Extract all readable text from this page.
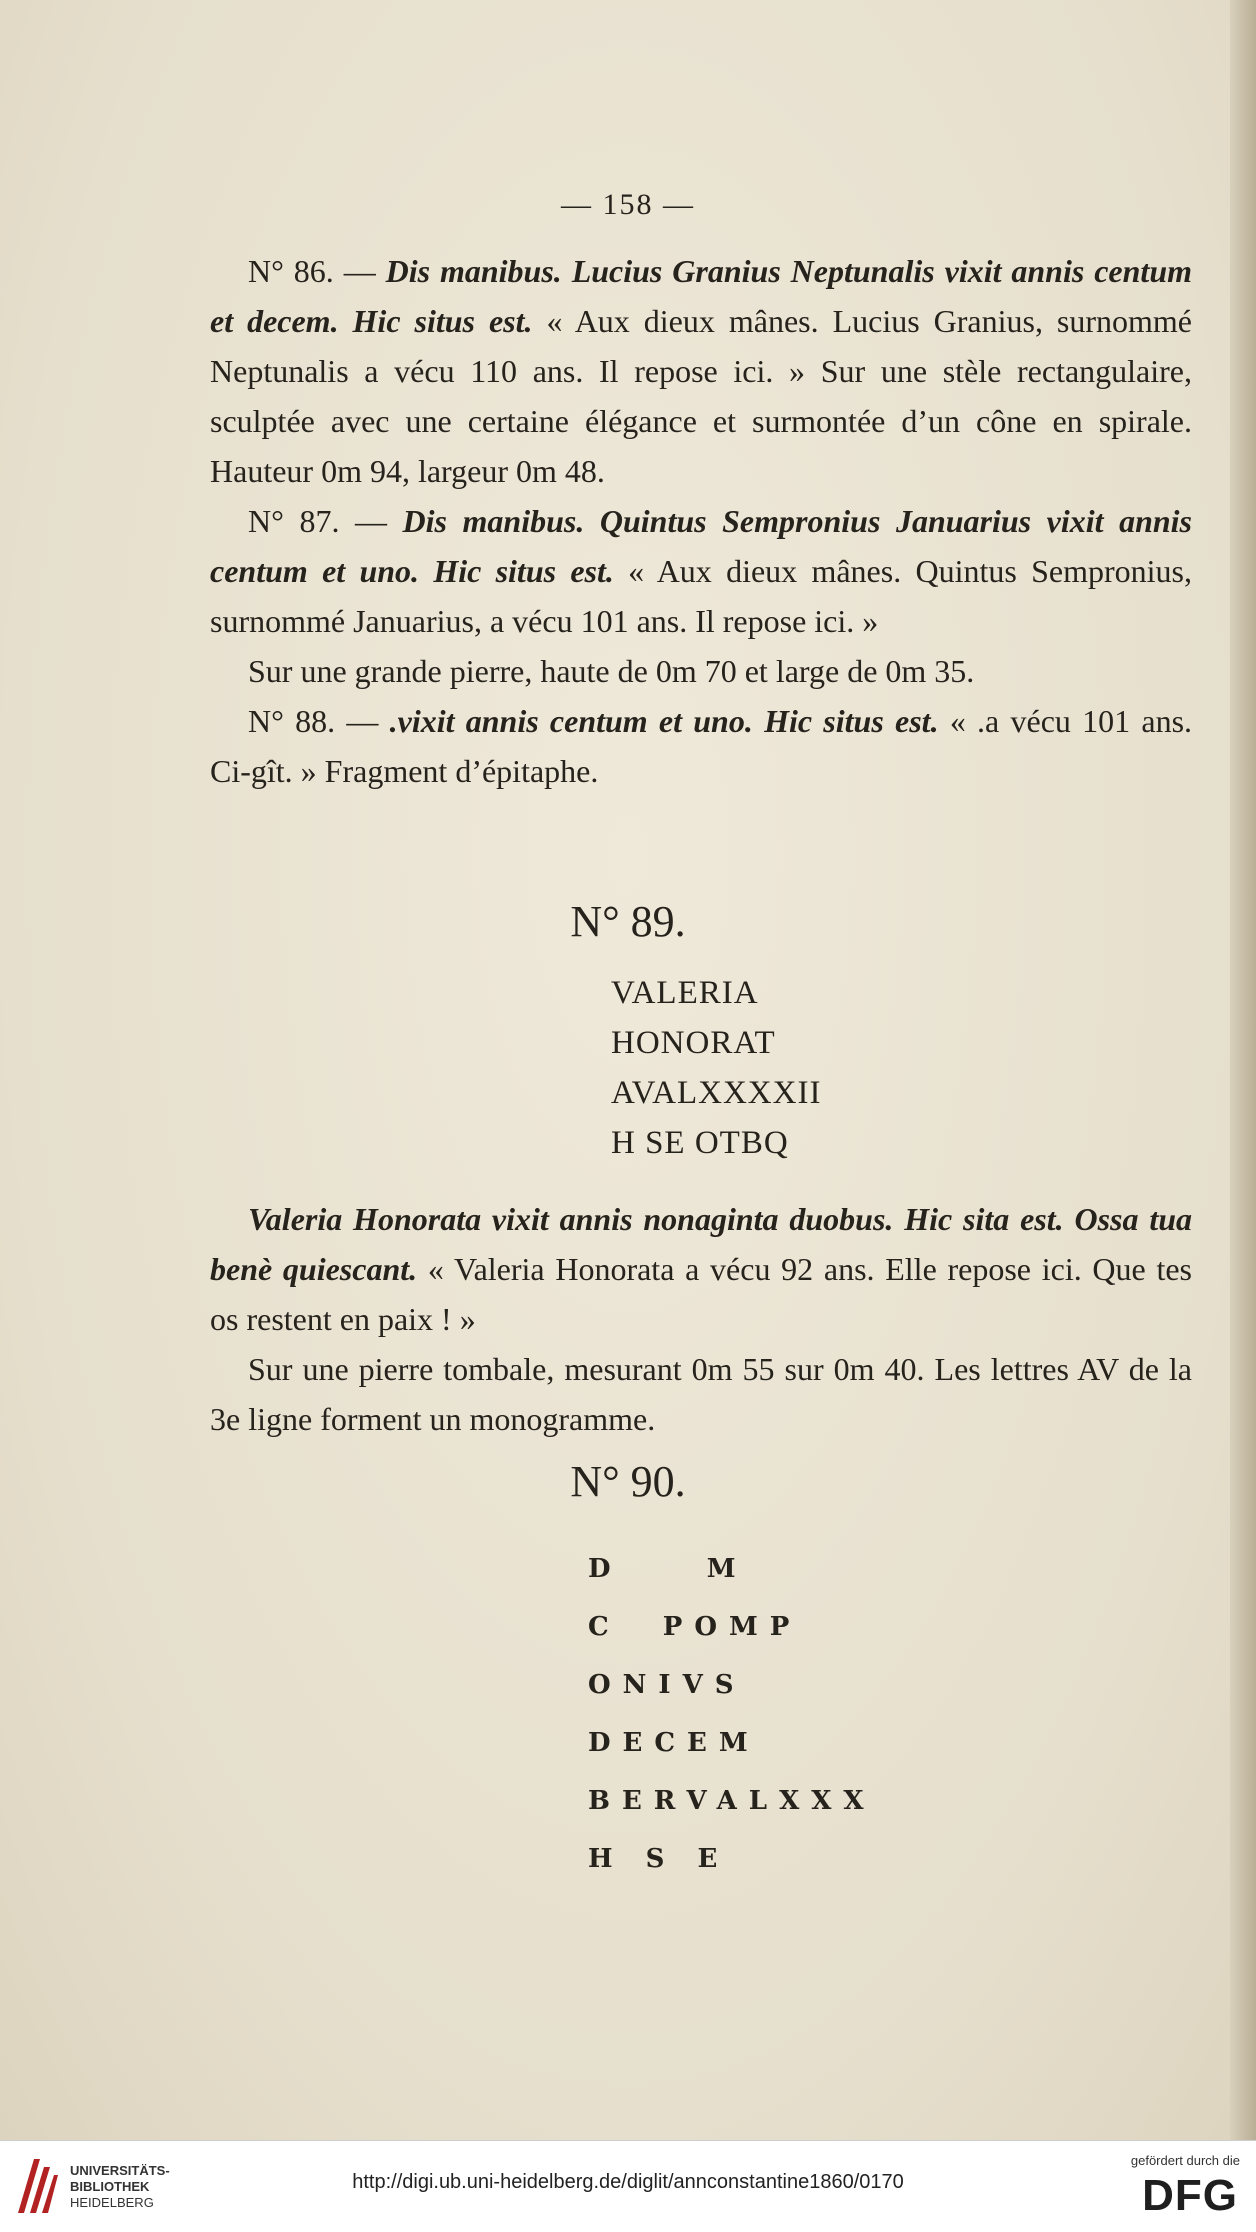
— 158 —

N° 86. — Dis manibus. Lucius Granius Neptunalis vixit annis centum et decem. Hic situs est. « Aux dieux mânes. Lucius Granius, surnommé Neptunalis a vécu 110 ans. Il repose ici. » Sur une stèle rectangulaire, sculptée avec une certaine élégance et surmontée d’un cône en spirale. Hauteur 0m 94, largeur 0m 48.

N° 87. — Dis manibus. Quintus Sempronius Januarius vixit annis centum et uno. Hic situs est. « Aux dieux mânes. Quintus Sempronius, surnommé Januarius, a vécu 101 ans. Il repose ici. »

Sur une grande pierre, haute de 0m 70 et large de 0m 35.

N° 88. — .vixit annis centum et uno. Hic situs est. « .a vécu 101 ans. Ci-gît. » Fragment d’épitaphe.

N° 89.
VALERIA
HONORAT
AVALXXXXII
H SE OTBQ

Valeria Honorata vixit annis nonaginta duobus. Hic sita est. Ossa tua benè quiescant. « Valeria Honorata a vécu 92 ans. Elle repose ici. Que tes os restent en paix ! »

Sur une pierre tombale, mesurant 0m 55 sur 0m 40. Les lettres AV de la 3e ligne forment un monogramme.

N° 90.
D    M
C  POMP
ONIVS
DECEM
BERVALXXX
H S E
UNIVERSITÄTS-
BIBLIOTHEK
HEIDELBERG
http://digi.ub.uni-heidelberg.de/diglit/annconstantine1860/0170
gefördert durch die
DFG
